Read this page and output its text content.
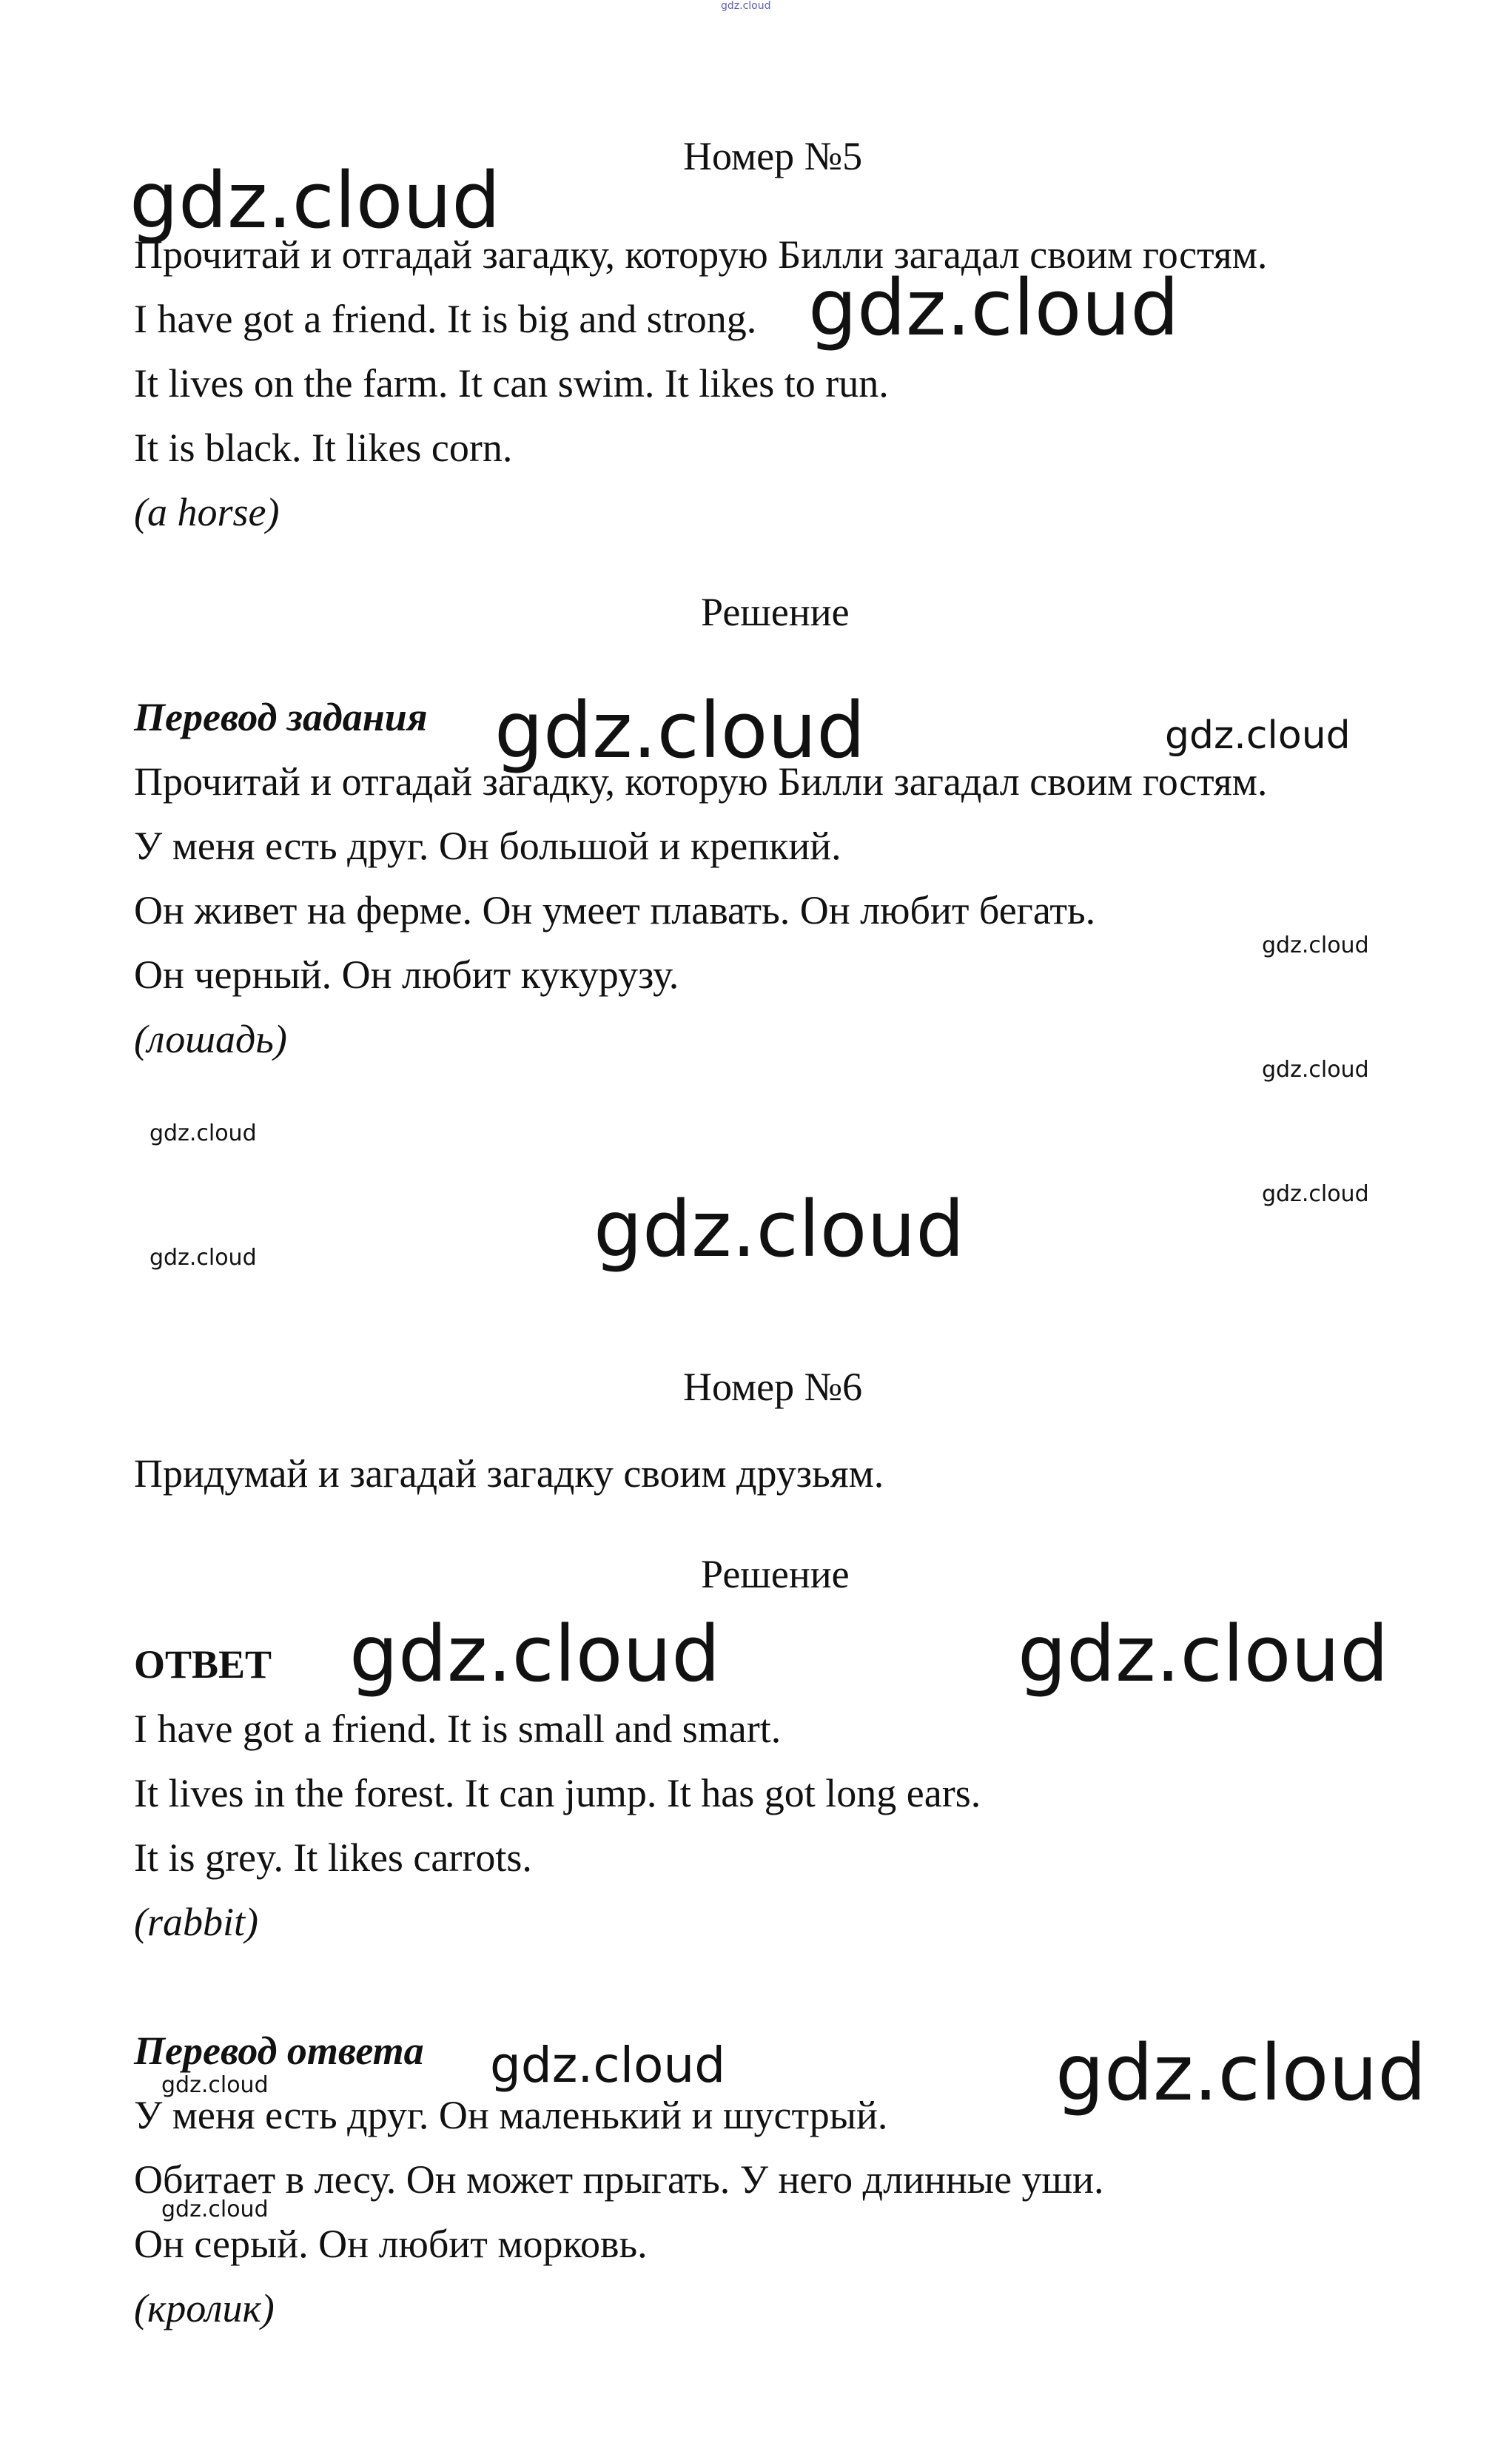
gdz.cloud
Номер №5
gdz.cloud
Прочитай и отгадай загадку, которую Билли загадал своим гостям.
I have got a friend. It is big and strong. gdz.cloud
It lives on the farm. It can swim. It likes to run.
It is black. It likes corn.
(a horse)
Решение
Перевод задания gdz.cloud	gdz.cloud
Прочитай и отгадай загадку, которую Билли загадал своим гостям.
У меня есть друг. Он большой и крепкий.
Он живет на ферме. Он умеет плавать. Он любит бегать.
gdz.cloud
Он черный. Он любит кукурузу.
(лошадь)
gdz.cloud
gdz.cloud
gdz.cloud
gdz.cloud
gdz.cloud
Номер №6
Придумай и загадай загадку своим друзьям.
Решение
ОТВЕТ gdz.cloud	gdz.cloud
I have got a friend. It is small and smart.
It lives in the forest. It can jump. It has got long ears.
It is grey. It likes carrots.
(rabbit)
Перевод ответа gdz.cloud	gdz.cloud
gdz.cloud
У меня есть друг. Он маленький и шустрый.
Обитает в лесу. Он может прыгать. У него длинные уши.
gdz.cloud
Он серый. Он любит морковь.
(кролик)
